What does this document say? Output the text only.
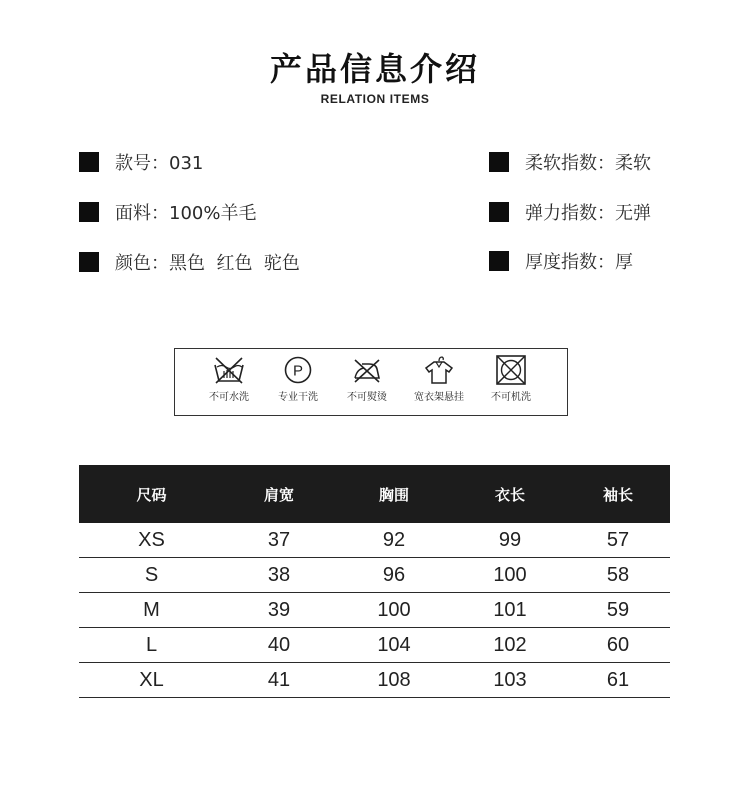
产品信息介绍
RELATION ITEMS
款号：031
面料：100%羊毛
颜色：黑色  红色  驼色
柔软指数：柔软
弹力指数：无弹
厚度指数：厚
不可水洗
P
专业干洗	不可熨烫	宽衣架悬挂	不可机洗
尺码	肩宽	胸围	衣长	袖长
XS	37	92	99	57
S	38	96	100	58
M	39	100	101	59
L	40	104	102	60
XL	41	108	103	61
